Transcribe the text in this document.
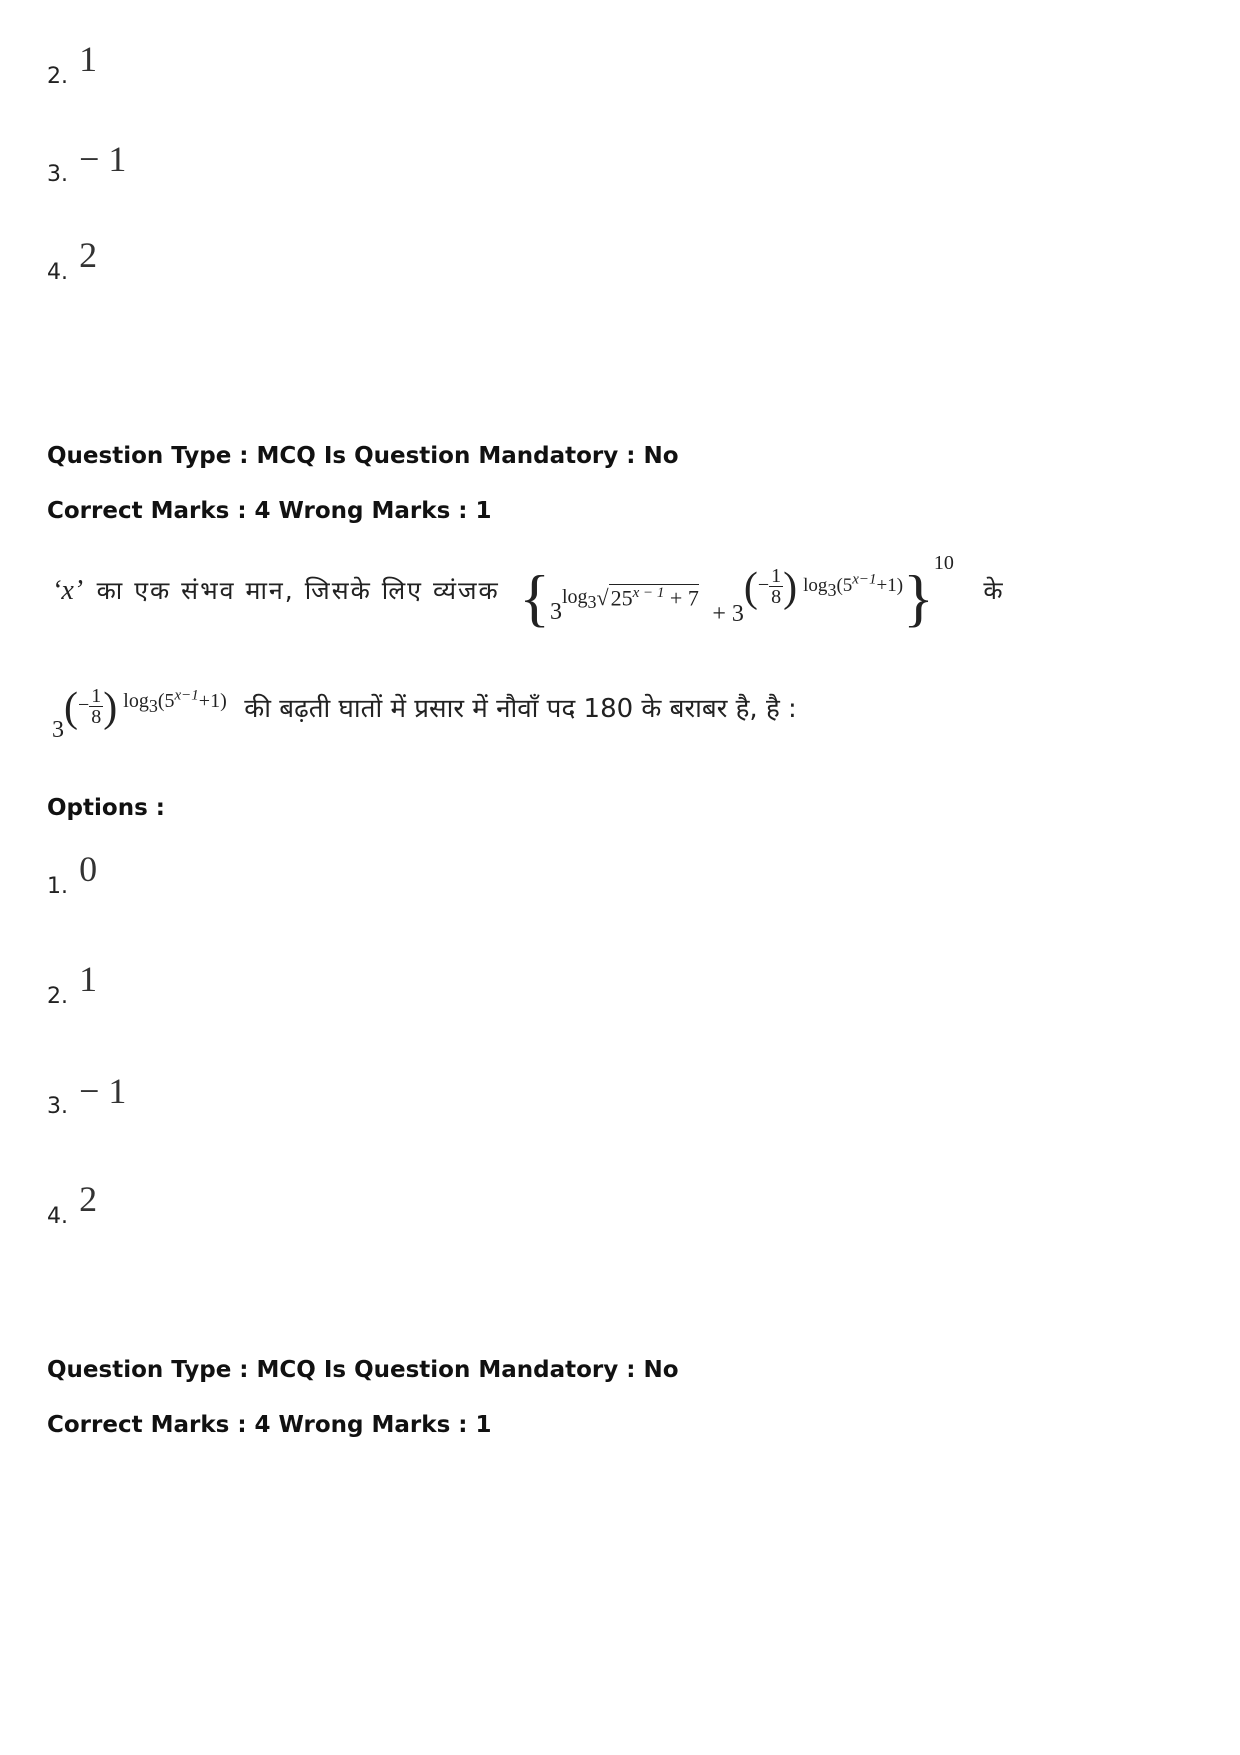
2. 1
3. − 1
4. 2
Question Type : MCQ Is Question Mandatory : No
Correct Marks : 4 Wrong Marks : 1
‘x’ का एक संभव मान, जिसके लिए व्यंजक {$_3\log 3√25^{x - 1} + 7$ $_{+ 3}(^- \frac{1}{8}$ ) $^{log3(5^{x-1}+1)}$}$^{10}$ के
$_3(^- \frac{1}{8}$ ) $^{log3(5^{x-1}+1)}$ की बढ़ती घातों में प्रसार में नौवाँ पद 180 के बराबर है, है :
Options :
1. 0
2. 1
3. − 1
4. 2
Question Type : MCQ Is Question Mandatory : No
Correct Marks : 4 Wrong Marks : 1
